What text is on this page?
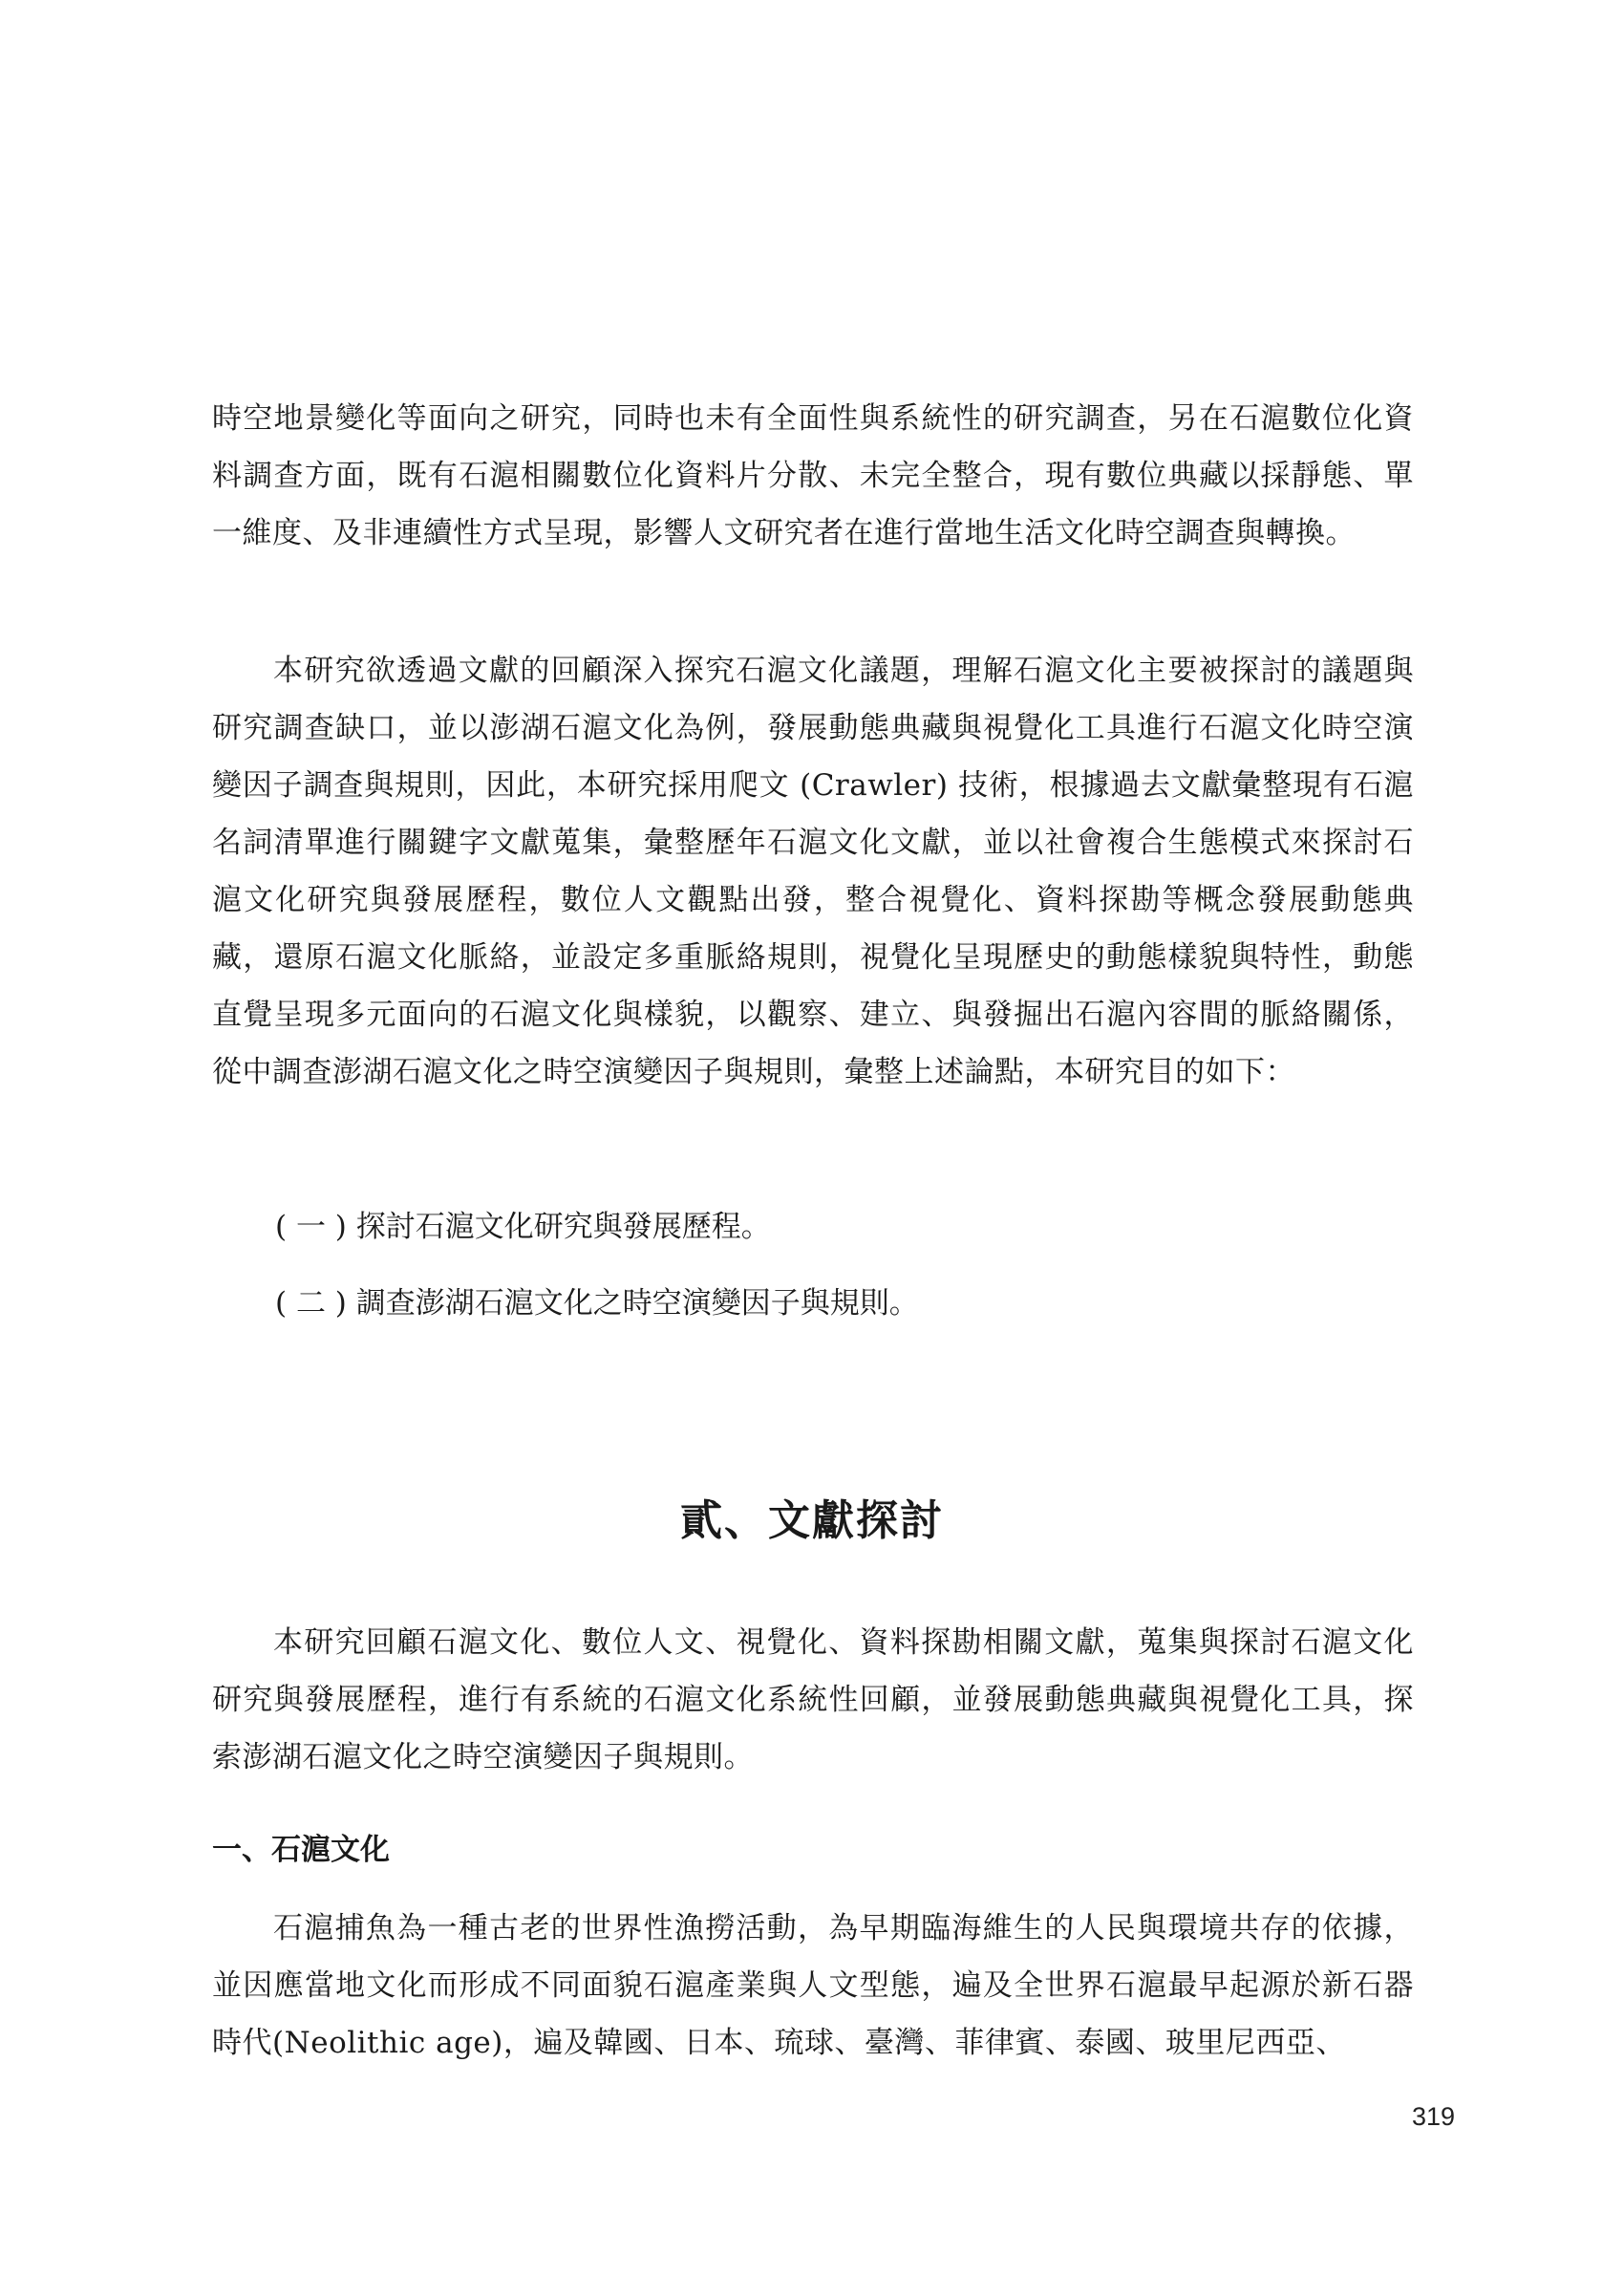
時空地景變化等面向之研究，同時也未有全面性與系統性的研究調查，另在石滬數位化資料調查方面，既有石滬相關數位化資料片分散、未完全整合，現有數位典藏以採靜態、單一維度、及非連續性方式呈現，影響人文研究者在進行當地生活文化時空調查與轉換。

本研究欲透過文獻的回顧深入探究石滬文化議題，理解石滬文化主要被探討的議題與研究調查缺口，並以澎湖石滬文化為例，發展動態典藏與視覺化工具進行石滬文化時空演變因子調查與規則，因此，本研究採用爬文 (Crawler) 技術，根據過去文獻彙整現有石滬名詞清單進行關鍵字文獻蒐集，彙整歷年石滬文化文獻，並以社會複合生態模式來探討石滬文化研究與發展歷程，數位人文觀點出發，整合視覺化、資料探勘等概念發展動態典藏，還原石滬文化脈絡，並設定多重脈絡規則，視覺化呈現歷史的動態樣貌與特性，動態直覺呈現多元面向的石滬文化與樣貌，以觀察、建立、與發掘出石滬內容間的脈絡關係，從中調查澎湖石滬文化之時空演變因子與規則，彙整上述論點，本研究目的如下：

( 一 ) 探討石滬文化研究與發展歷程。

( 二 ) 調查澎湖石滬文化之時空演變因子與規則。

貳、文獻探討

本研究回顧石滬文化、數位人文、視覺化、資料探勘相關文獻，蒐集與探討石滬文化研究與發展歷程，進行有系統的石滬文化系統性回顧，並發展動態典藏與視覺化工具，探索澎湖石滬文化之時空演變因子與規則。

一、石滬文化

石滬捕魚為一種古老的世界性漁撈活動，為早期臨海維生的人民與環境共存的依據，並因應當地文化而形成不同面貌石滬產業與人文型態，遍及全世界石滬最早起源於新石器時代(Neolithic age)，遍及韓國、日本、琉球、臺灣、菲律賓、泰國、玻里尼西亞、

319
